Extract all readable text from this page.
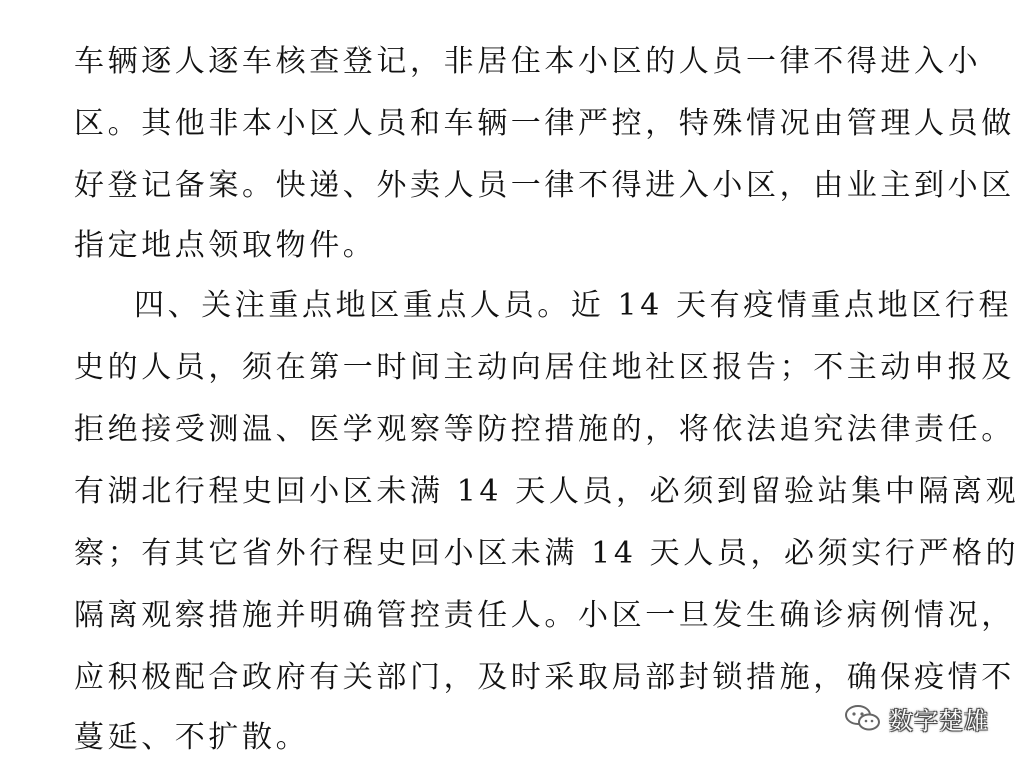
车辆逐人逐车核查登记，非居住本小区的人员一律不得进入小
区。其他非本小区人员和车辆一律严控，特殊情况由管理人员做
好登记备案。快递、外卖人员一律不得进入小区，由业主到小区
指定地点领取物件。
四、关注重点地区重点人员。近 14 天有疫情重点地区行程
史的人员，须在第一时间主动向居住地社区报告；不主动申报及
拒绝接受测温、医学观察等防控措施的，将依法追究法律责任。
有湖北行程史回小区未满 14 天人员，必须到留验站集中隔离观
察；有其它省外行程史回小区未满 14 天人员，必须实行严格的
隔离观察措施并明确管控责任人。小区一旦发生确诊病例情况，
应积极配合政府有关部门，及时采取局部封锁措施，确保疫情不
蔓延、不扩散。	数字楚雄
